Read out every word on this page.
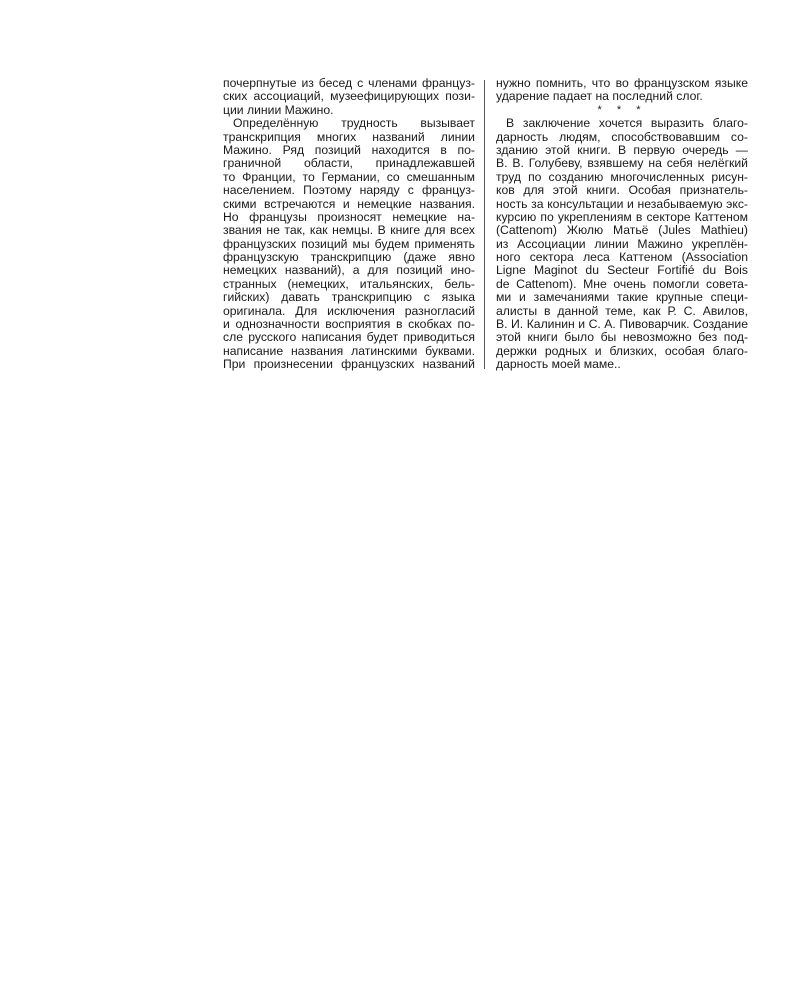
почерпнутые из бесед с членами француз-
ских ассоциаций, музеефицирующих пози-
ции линии Мажино.
Определённую трудность вызывает
транскрипция многих названий линии
Мажино. Ряд позиций находится в по-
граничной области, принадлежавшей
то Франции, то Германии, со смешанным
населением. Поэтому наряду с француз-
скими встречаются и немецкие названия.
Но французы произносят немецкие на-
звания не так, как немцы. В книге для всех
французских позиций мы будем применять
французскую транскрипцию (даже явно
немецких названий), а для позиций ино-
странных (немецких, итальянских, бель-
гийских) давать транскрипцию с языка
оригинала. Для исключения разногласий
и однозначности восприятия в скобках по-
сле русского написания будет приводиться
написание названия латинскими буквами.
При произнесении французских названий
нужно помнить, что во французском языке
ударение падает на последний слог.
* * *
В заключение хочется выразить благо-
дарность людям, способствовавшим со-
зданию этой книги. В первую очередь —
В. В. Голубеву, взявшему на себя нелёгкий
труд по созданию многочисленных рисун-
ков для этой книги. Особая признатель-
ность за консультации и незабываемую экс-
курсию по укреплениям в секторе Каттеном
(Cattenom) Жюлю Матьё (Jules Mathieu)
из Ассоциации линии Мажино укреплён-
ного сектора леса Каттеном (Association
Ligne Maginot du Secteur Fortifié du Bois
de Cattenom). Мне очень помогли совета-
ми и замечаниями такие крупные специ-
алисты в данной теме, как Р. С. Авилов,
В. И. Калинин и С. А. Пивоварчик. Создание
этой книги было бы невозможно без под-
держки родных и близких, особая благо-
дарность моей маме..
